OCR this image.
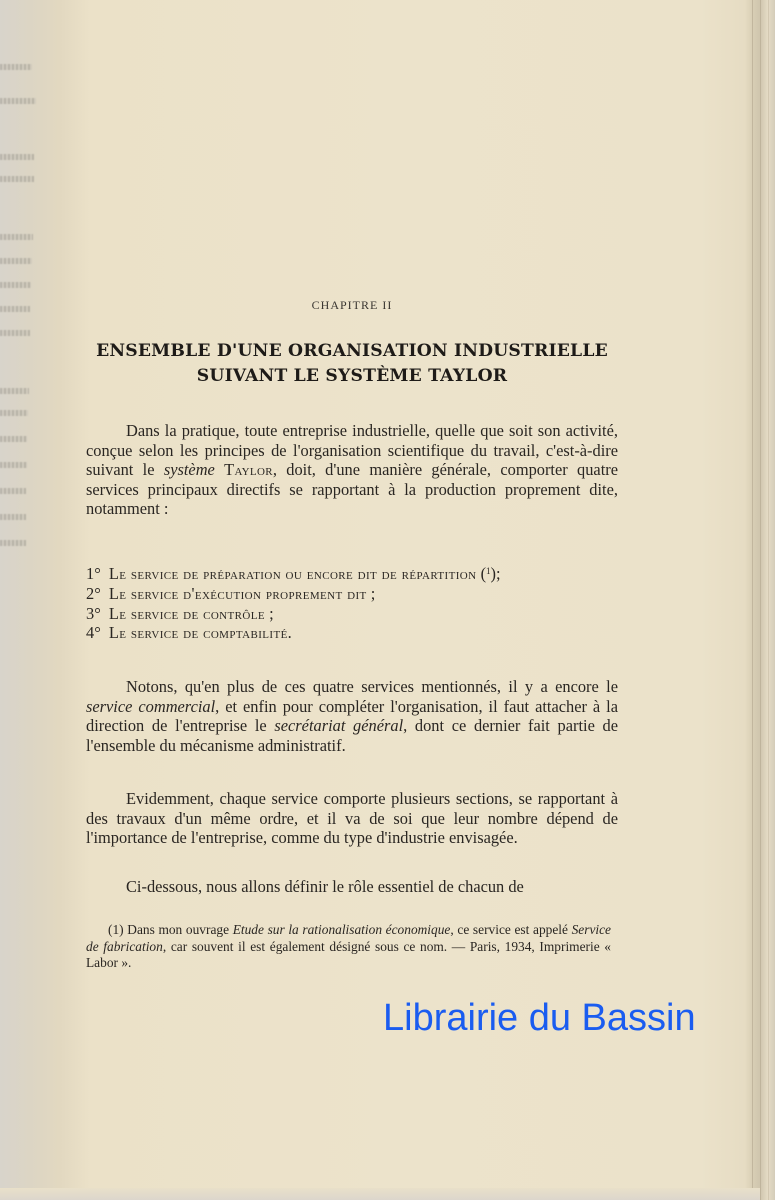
CHAPITRE II
ENSEMBLE D'UNE ORGANISATION INDUSTRIELLE
SUIVANT LE SYSTÈME TAYLOR

Dans la pratique, toute entreprise industrielle, quelle que soit son activité, conçue selon les principes de l'organisation scientifique du travail, c'est-à-dire suivant le système Taylor, doit, d'une manière générale, comporter quatre services principaux directifs se rapportant à la production proprement dite, notamment :

1° Le service de préparation ou encore dit de répartition ($^1$);
2° Le service d'exécution proprement dit ;
3° Le service de contrôle ;
4° Le service de comptabilité.

Notons, qu'en plus de ces quatre services mentionnés, il y a encore le service commercial, et enfin pour compléter l'organisation, il faut attacher à la direction de l'entreprise le secrétariat général, dont ce dernier fait partie de l'ensemble du mécanisme administratif.

Evidemment, chaque service comporte plusieurs sections, se rapportant à des travaux d'un même ordre, et il va de soi que leur nombre dépend de l'importance de l'entreprise, comme du type d'industrie envisagée.

Ci-dessous, nous allons définir le rôle essentiel de chacun de

(1) Dans mon ouvrage Etude sur la rationalisation économique, ce service est appelé Service de fabrication, car souvent il est également désigné sous ce nom. — Paris, 1934, Imprimerie « Labor ».

Librairie du Bassin
